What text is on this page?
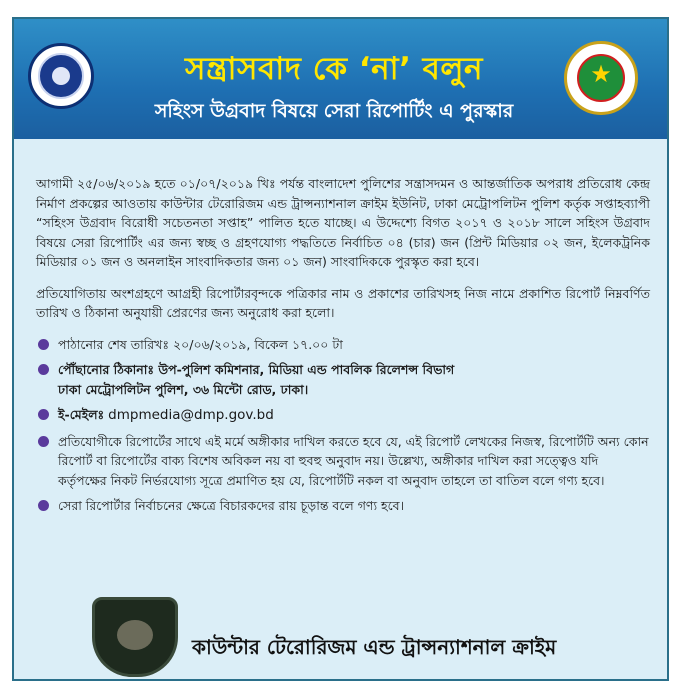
সন্ত্রাসবাদ কে ‘না’ বলুন
সহিংস উগ্রবাদ বিষয়ে সেরা রিপোর্টিং এ পুরস্কার
★

আগামী ২৫/০৬/২০১৯ হতে ০১/০৭/২০১৯ খিঃ পর্যন্ত বাংলাদেশ পুলিশের সন্ত্রাসদমন ও আন্তর্জাতিক অপরাধ প্রতিরোধ কেন্দ্র নির্মাণ প্রকল্পের আওতায় কাউন্টার টেরোরিজম এন্ড ট্রান্সন্যাশনাল ক্রাইম ইউনিট, ঢাকা মেট্রোপলিটন পুলিশ কর্তৃক সপ্তাহব্যাপী “সহিংস উগ্রবাদ বিরোধী সচেতনতা সপ্তাহ” পালিত হতে যাচ্ছে। এ উদ্দেশ্যে বিগত ২০১৭ ও ২০১৮ সালে সহিংস উগ্রবাদ বিষয়ে সেরা রিপোর্টিং এর জন্য স্বচ্ছ ও গ্রহণযোগ্য পদ্ধতিতে নির্বাচিত ০৪ (চার) জন (প্রিন্ট মিডিয়ার ০২ জন, ইলেকট্রনিক মিডিয়ার ০১ জন ও অনলাইন সাংবাদিকতার জন্য ০১ জন) সাংবাদিককে পুরস্কৃত করা হবে।

প্রতিযোগিতায় অংশগ্রহণে আগ্রহী রিপোর্টারবৃন্দকে পত্রিকার নাম ও প্রকাশের তারিখসহ নিজ নামে প্রকাশিত রিপোর্ট নিম্নবর্ণিত তারিখ ও ঠিকানা অনুযায়ী প্রেরণের জন্য অনুরোধ করা হলো।

পাঠানোর শেষ তারিখঃ ২০/০৬/২০১৯, বিকেল ১৭.০০ টা
পৌঁছানোর ঠিকানাঃ উপ-পুলিশ কমিশনার, মিডিয়া এন্ড পাবলিক রিলেশন্স বিভাগ
ঢাকা মেট্রোপলিটন পুলিশ, ৩৬ মিন্টো রোড, ঢাকা।
ই-মেইলঃ dmpmedia@dmp.gov.bd
প্রতিযোগীকে রিপোর্টের সাথে এই মর্মে অঙ্গীকার দাখিল করতে হবে যে, এই রিপোর্ট লেখকের নিজস্ব, রিপোর্টটি অন্য কোন রিপোর্ট বা রিপোর্টের বাক্য বিশেষ অবিকল নয় বা হুবহু অনুবাদ নয়। উল্লেখ্য, অঙ্গীকার দাখিল করা সত্ত্বেও যদি কর্তৃপক্ষের নিকট নির্ভরযোগ্য সূত্রে প্রমাণিত হয় যে, রিপোর্টটি নকল বা অনুবাদ তাহলে তা বাতিল বলে গণ্য হবে।
সেরা রিপোর্টার নির্বাচনের ক্ষেত্রে বিচারকদের রায় চূড়ান্ত বলে গণ্য হবে।
কাউন্টার টেরোরিজম এন্ড ট্রান্সন্যাশনাল ক্রাইম
